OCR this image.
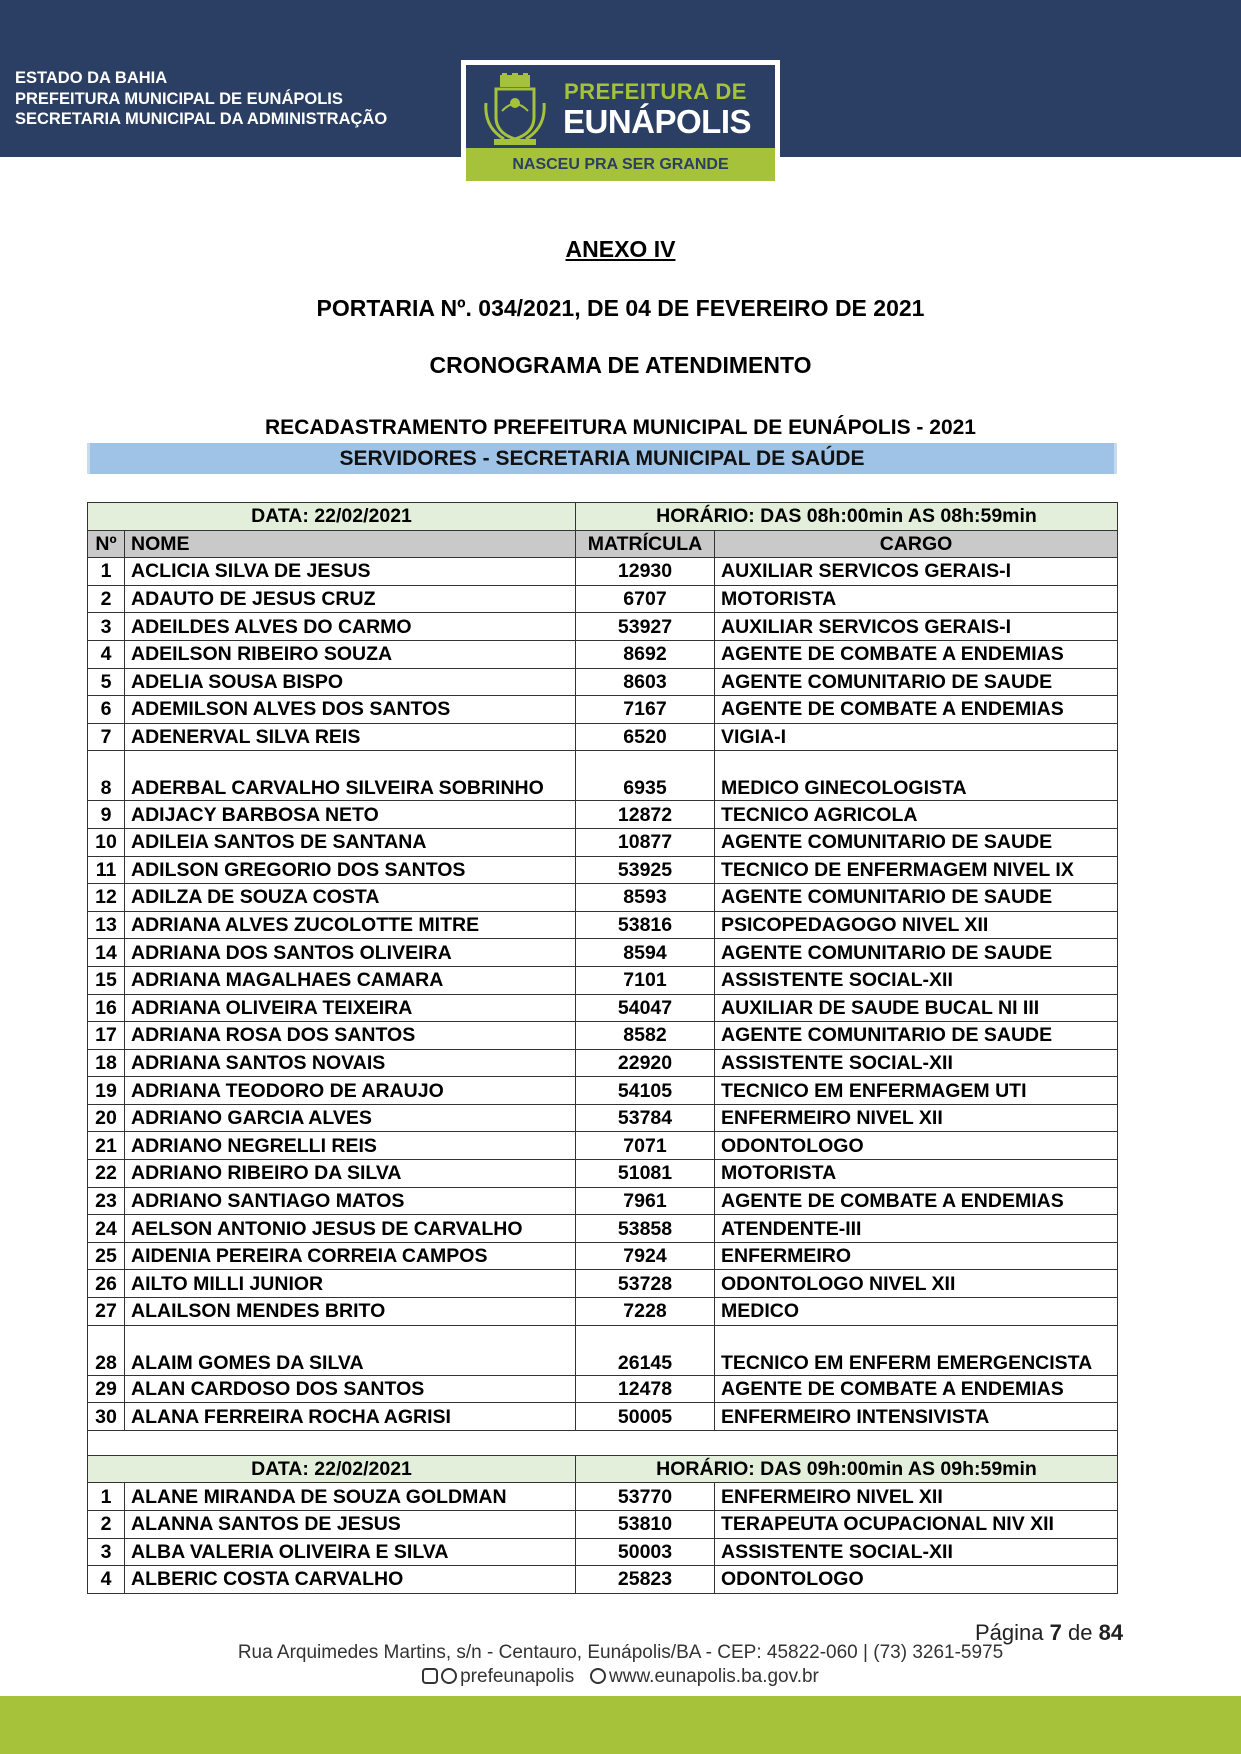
ESTADO DA BAHIA
PREFEITURA MUNICIPAL DE EUNÁPOLIS
SECRETARIA MUNICIPAL DA ADMINISTRAÇÃO
PREFEITURA DE
EUNÁPOLIS
NASCEU PRA SER GRANDE
ANEXO IV
PORTARIA Nº. 034/2021, DE 04 DE FEVEREIRO DE 2021
CRONOGRAMA DE ATENDIMENTO
RECADASTRAMENTO PREFEITURA MUNICIPAL DE EUNÁPOLIS - 2021
SERVIDORES - SECRETARIA MUNICIPAL DE SAÚDE
DATA: 22/02/2021		HORÁRIO: DAS 08h:00min AS 08h:59min	
Nº	NOME	MATRÍCULA	CARGO
1	ACLICIA SILVA DE JESUS	12930	AUXILIAR SERVICOS GERAIS-I
2	ADAUTO DE JESUS CRUZ	6707	MOTORISTA
3	ADEILDES ALVES DO CARMO	53927	AUXILIAR SERVICOS GERAIS-I
4	ADEILSON RIBEIRO SOUZA	8692	AGENTE DE COMBATE A ENDEMIAS
5	ADELIA SOUSA BISPO	8603	AGENTE COMUNITARIO DE SAUDE
6	ADEMILSON ALVES DOS SANTOS	7167	AGENTE DE COMBATE A ENDEMIAS
7	ADENERVAL SILVA REIS	6520	VIGIA-I
8	ADERBAL CARVALHO SILVEIRA SOBRINHO	6935	MEDICO GINECOLOGISTA
9	ADIJACY BARBOSA NETO	12872	TECNICO AGRICOLA
10	ADILEIA SANTOS DE SANTANA	10877	AGENTE COMUNITARIO DE SAUDE
11	ADILSON GREGORIO DOS SANTOS	53925	TECNICO DE ENFERMAGEM NIVEL IX
12	ADILZA DE SOUZA COSTA	8593	AGENTE COMUNITARIO DE SAUDE
13	ADRIANA ALVES ZUCOLOTTE MITRE	53816	PSICOPEDAGOGO NIVEL XII
14	ADRIANA DOS SANTOS OLIVEIRA	8594	AGENTE COMUNITARIO DE SAUDE
15	ADRIANA MAGALHAES CAMARA	7101	ASSISTENTE SOCIAL-XII
16	ADRIANA OLIVEIRA TEIXEIRA	54047	AUXILIAR DE SAUDE BUCAL NI III
17	ADRIANA ROSA DOS SANTOS	8582	AGENTE COMUNITARIO DE SAUDE
18	ADRIANA SANTOS NOVAIS	22920	ASSISTENTE SOCIAL-XII
19	ADRIANA TEODORO DE ARAUJO	54105	TECNICO EM ENFERMAGEM UTI
20	ADRIANO GARCIA ALVES	53784	ENFERMEIRO NIVEL XII
21	ADRIANO NEGRELLI REIS	7071	ODONTOLOGO
22	ADRIANO RIBEIRO DA SILVA	51081	MOTORISTA
23	ADRIANO SANTIAGO MATOS	7961	AGENTE DE COMBATE A ENDEMIAS
24	AELSON ANTONIO JESUS DE CARVALHO	53858	ATENDENTE-III
25	AIDENIA PEREIRA CORREIA CAMPOS	7924	ENFERMEIRO
26	AILTO MILLI JUNIOR	53728	ODONTOLOGO NIVEL XII
27	ALAILSON MENDES BRITO	7228	MEDICO
28	ALAIM GOMES DA SILVA	26145	TECNICO EM ENFERM EMERGENCISTA
29	ALAN CARDOSO DOS SANTOS	12478	AGENTE DE COMBATE A ENDEMIAS
30	ALANA FERREIRA ROCHA AGRISI	50005	ENFERMEIRO INTENSIVISTA

DATA: 22/02/2021		HORÁRIO: DAS 09h:00min AS 09h:59min	
1	ALANE MIRANDA DE SOUZA GOLDMAN	53770	ENFERMEIRO NIVEL XII
2	ALANNA SANTOS DE JESUS	53810	TERAPEUTA OCUPACIONAL NIV XII
3	ALBA VALERIA OLIVEIRA E SILVA	50003	ASSISTENTE SOCIAL-XII
4	ALBERIC COSTA CARVALHO	25823	ODONTOLOGO
Página 7 de 84
Rua Arquimedes Martins, s/n - Centauro, Eunápolis/BA - CEP: 45822-060 | (73) 3261-5975
prefeunapolis www.eunapolis.ba.gov.br
